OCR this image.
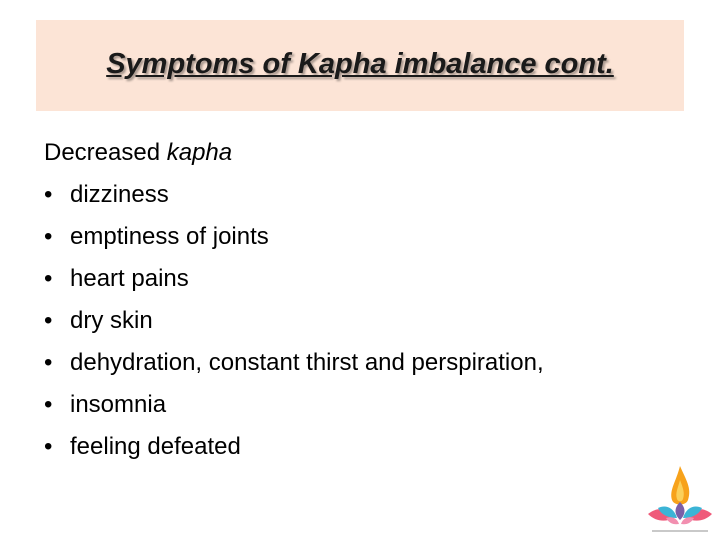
Symptoms of Kapha imbalance cont.
Decreased kapha
• dizziness
• emptiness of joints
• heart pains
• dry skin
• dehydration, constant thirst and perspiration,
• insomnia
• feeling defeated
